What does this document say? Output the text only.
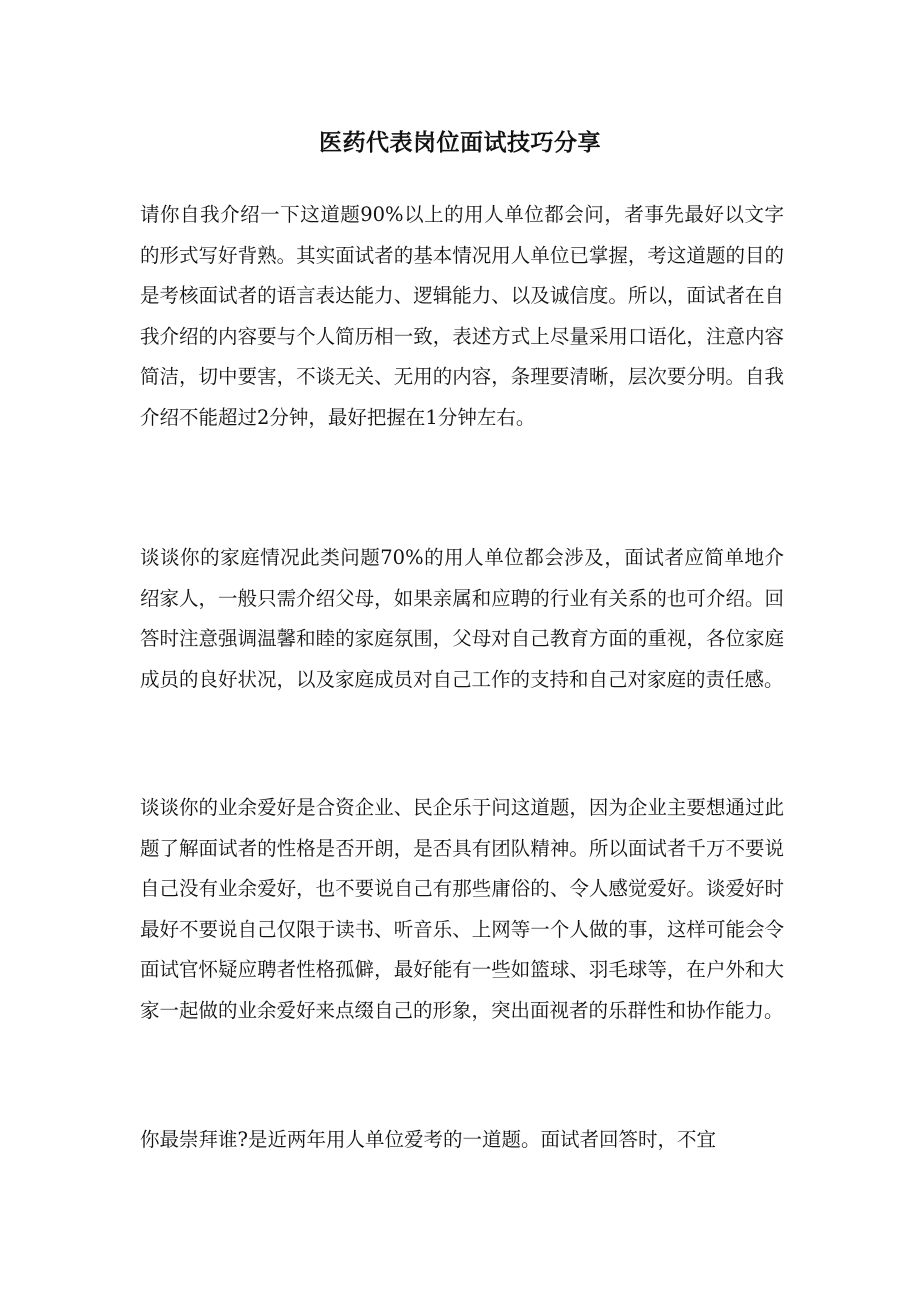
医药代表岗位面试技巧分享

请你自我介绍一下这道题90%以上的用人单位都会问，者事先最好以文字的形式写好背熟。其实面试者的基本情况用人单位已掌握，考这道题的目的是考核面试者的语言表达能力、逻辑能力、以及诚信度。所以，面试者在自我介绍的内容要与个人简历相一致，表述方式上尽量采用口语化，注意内容简洁，切中要害，不谈无关、无用的内容，条理要清晰，层次要分明。自我介绍不能超过2分钟，最好把握在1分钟左右。

谈谈你的家庭情况此类问题70%的用人单位都会涉及，面试者应简单地介绍家人，一般只需介绍父母，如果亲属和应聘的行业有关系的也可介绍。回答时注意强调温馨和睦的家庭氛围，父母对自己教育方面的重视，各位家庭成员的良好状况，以及家庭成员对自己工作的支持和自己对家庭的责任感。

谈谈你的业余爱好是合资企业、民企乐于问这道题，因为企业主要想通过此题了解面试者的性格是否开朗，是否具有团队精神。所以面试者千万不要说自己没有业余爱好，也不要说自己有那些庸俗的、令人感觉爱好。谈爱好时最好不要说自己仅限于读书、听音乐、上网等一个人做的事，这样可能会令面试官怀疑应聘者性格孤僻，最好能有一些如篮球、羽毛球等，在户外和大家一起做的业余爱好来点缀自己的形象，突出面视者的乐群性和协作能力。

你最崇拜谁?是近两年用人单位爱考的一道题。面试者回答时，不宜
